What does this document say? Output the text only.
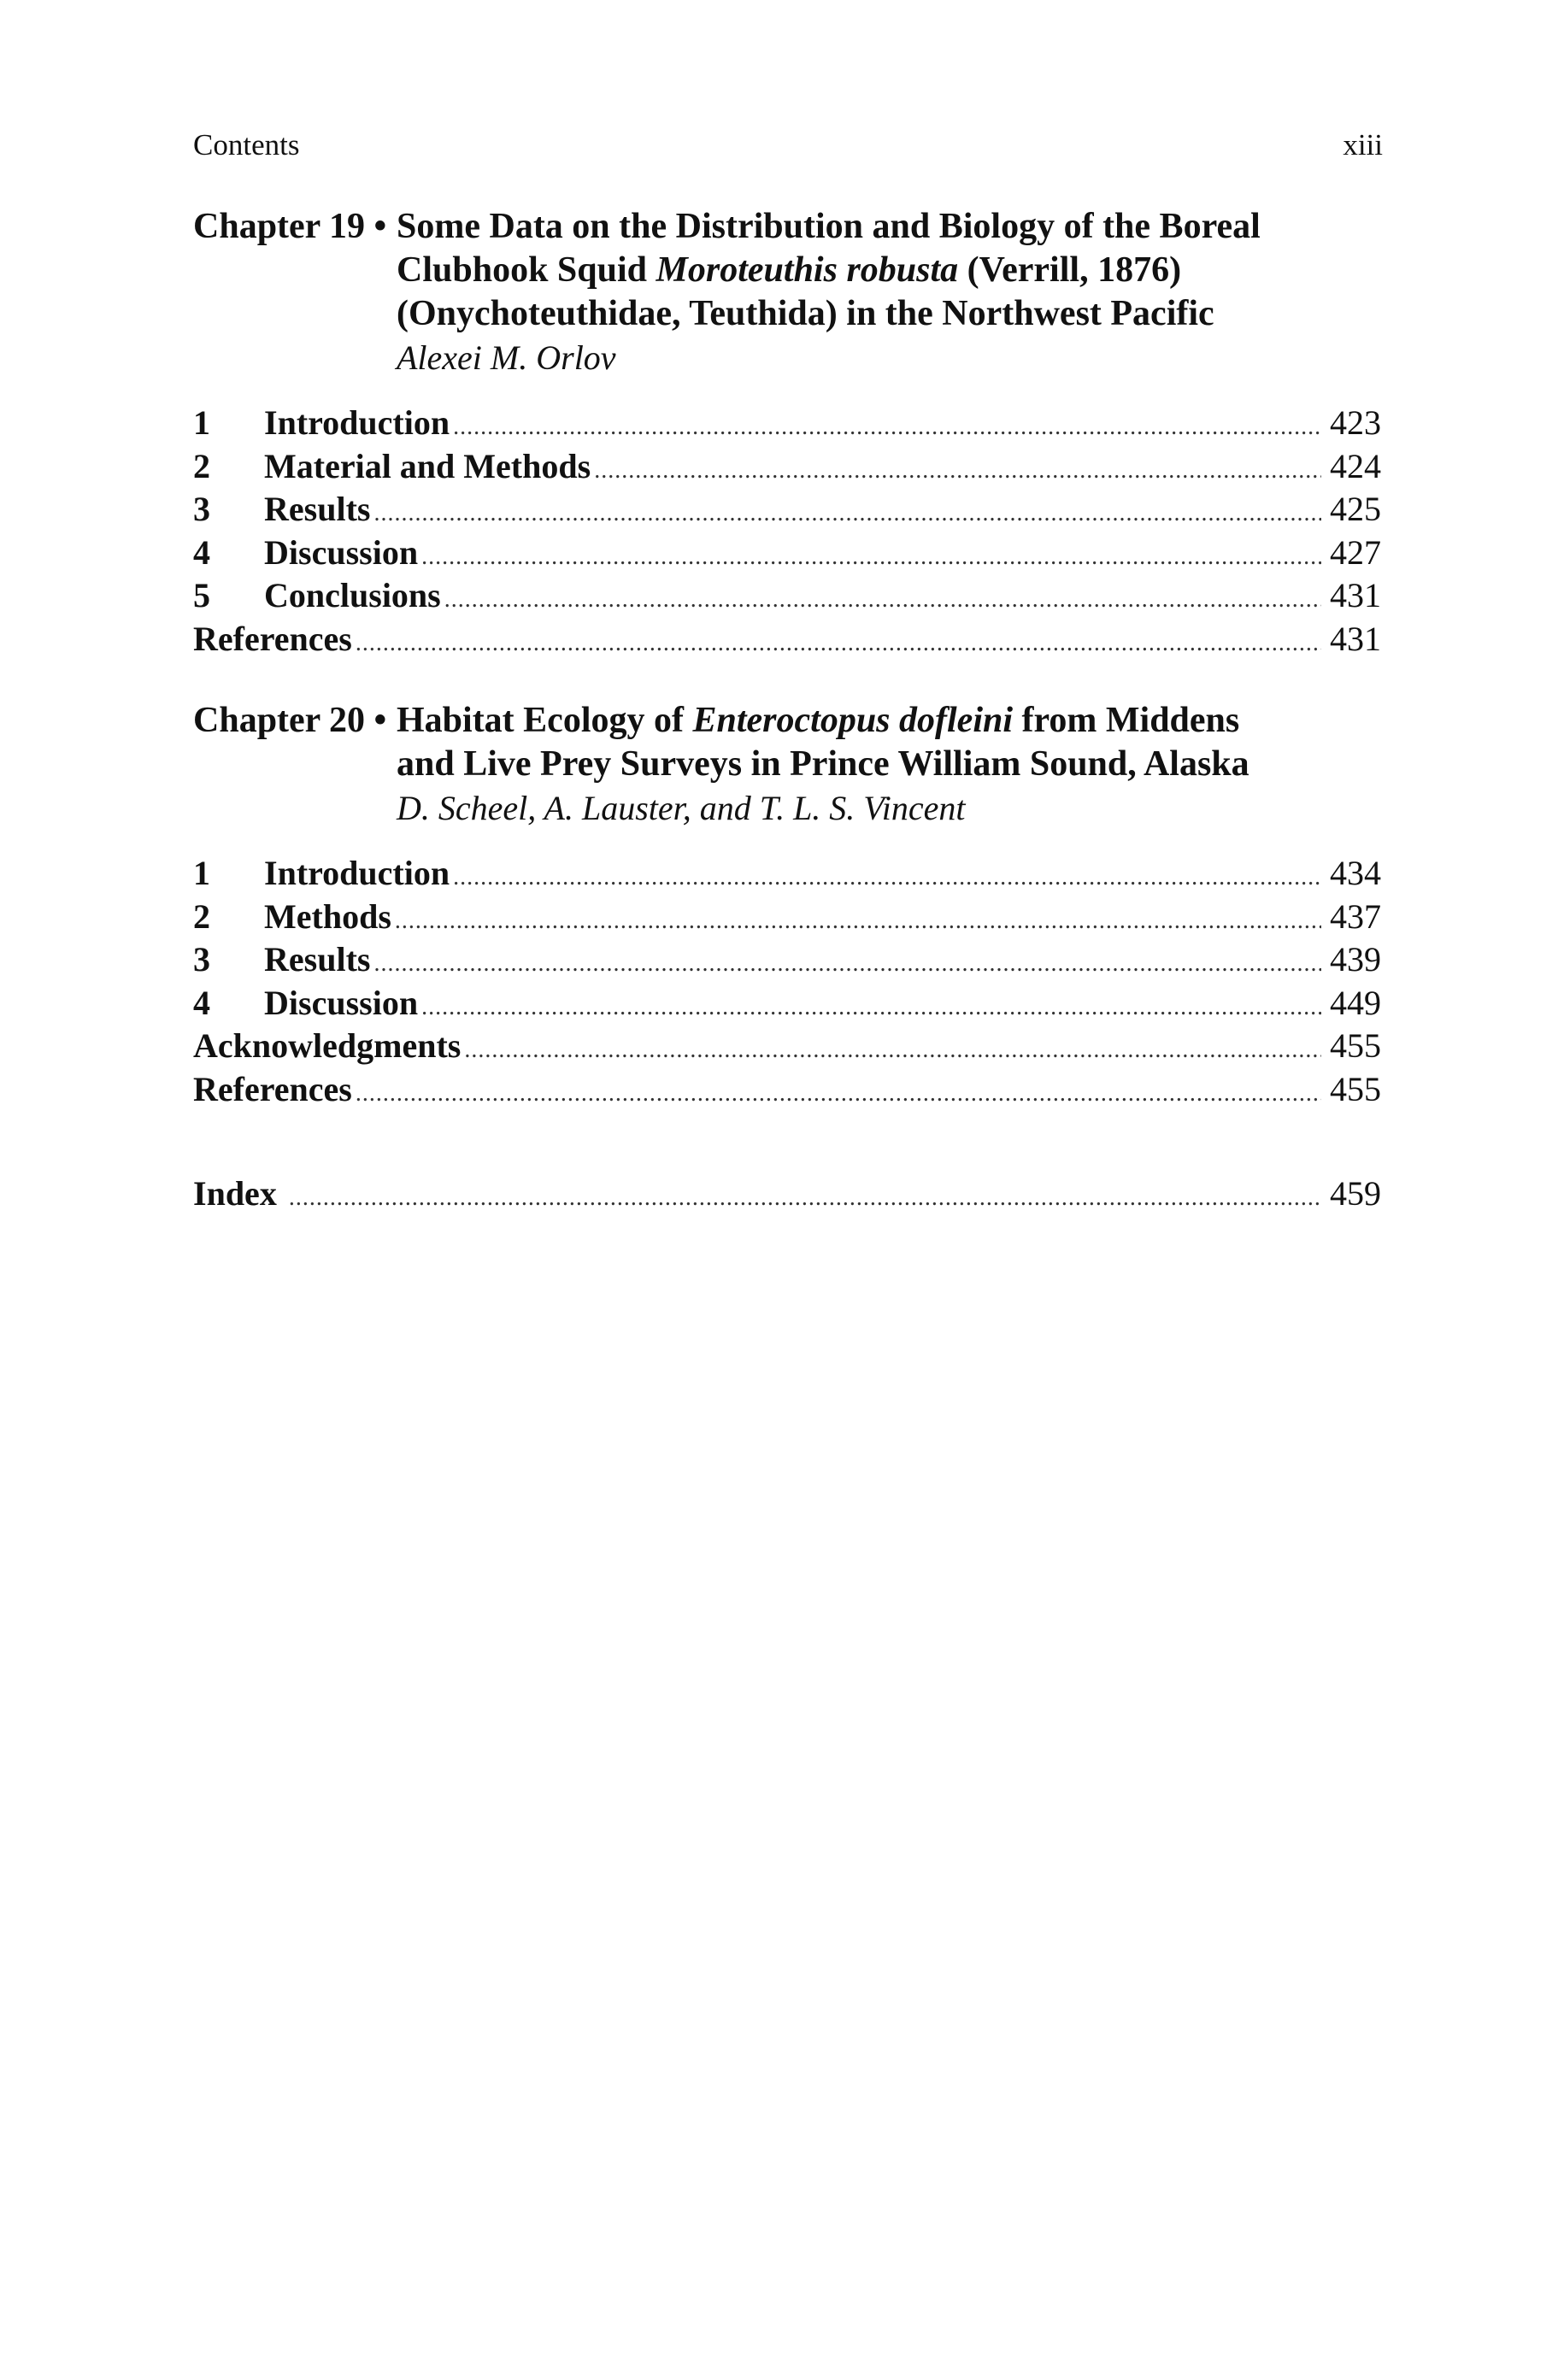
Contents	xiii
Chapter 19 • Some Data on the Distribution and Biology of the Boreal
Clubhook Squid Moroteuthis robusta (Verrill, 1876)
(Onychoteuthidae, Teuthida) in the Northwest Pacific
Alexei M. Orlov
1	Introduction .....	423
2	Material and Methods .....	424
3	Results .....	425
4	Discussion .....	427
5	Conclusions .....	431
References .....	431
Chapter 20 • Habitat Ecology of Enteroctopus dofleini from Middens
and Live Prey Surveys in Prince William Sound, Alaska
D. Scheel, A. Lauster, and T. L. S. Vincent
1	Introduction .....	434
2	Methods .....	437
3	Results .....	439
4	Discussion .....	449
Acknowledgments .....	455
References .....	455
Index .....	459
